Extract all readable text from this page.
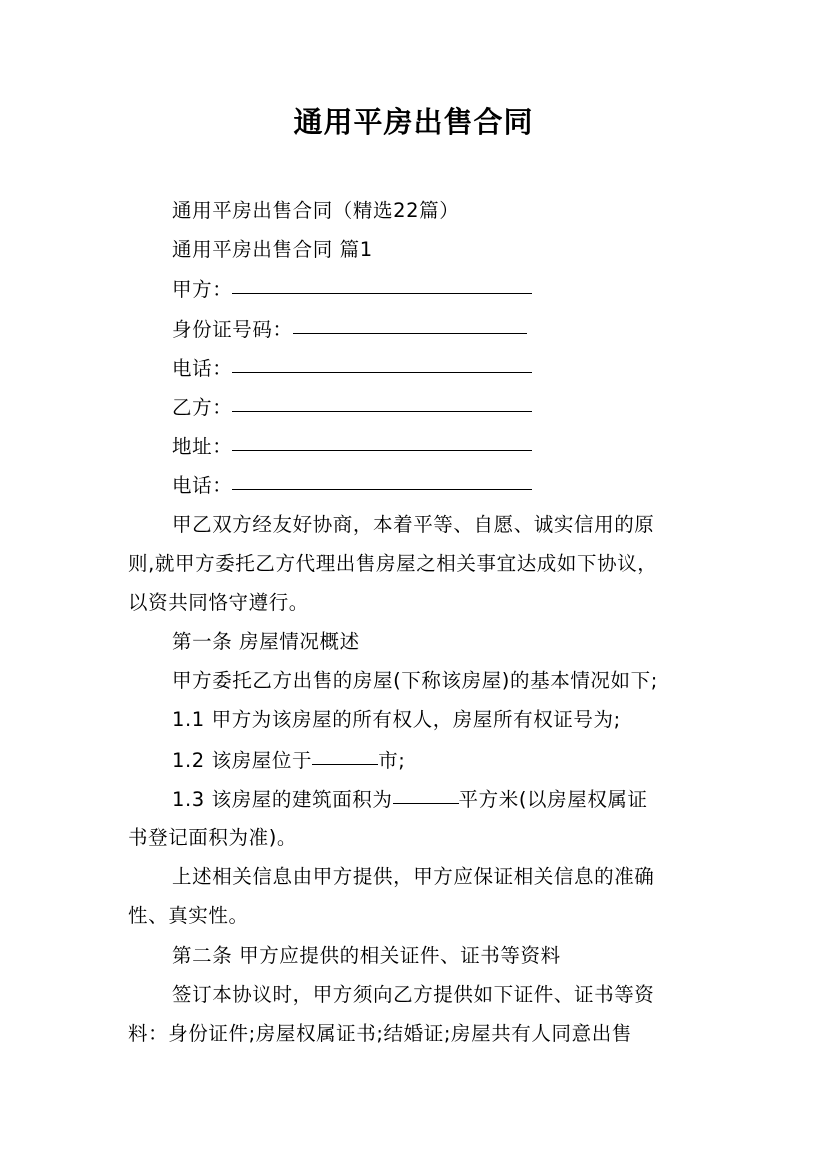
通用平房出售合同
通用平房出售合同（精选22篇）
通用平房出售合同 篇1
甲方：
身份证号码：
电话：
乙方：
地址：
电话：
甲乙双方经友好协商，本着平等、自愿、诚实信用的原
则,就甲方委托乙方代理出售房屋之相关事宜达成如下协议，
以资共同恪守遵行。
第一条 房屋情况概述
甲方委托乙方出售的房屋(下称该房屋)的基本情况如下;
1.1 甲方为该房屋的所有权人，房屋所有权证号为;
1.2 该房屋位于	市;
1.3 该房屋的建筑面积为	平方米(以房屋权属证
书登记面积为准)。
上述相关信息由甲方提供，甲方应保证相关信息的准确
性、真实性。
第二条 甲方应提供的相关证件、证书等资料
签订本协议时，甲方须向乙方提供如下证件、证书等资
料：身份证件;房屋权属证书;结婚证;房屋共有人同意出售
